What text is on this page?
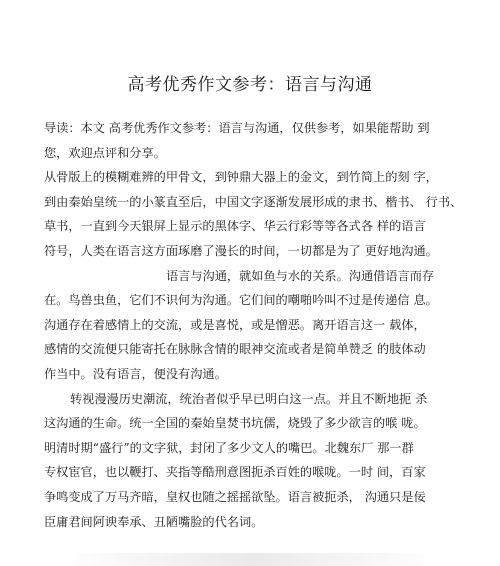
高考优秀作文参考：语言与沟通

导读：本文 高考优秀作文参考：语言与沟通，仅供参考，如果能帮助 到
您，欢迎点评和分享。

从骨版上的模糊难辨的甲骨文，到钟鼎大器上的金文，到竹简上的刻 字，
到由秦始皇统一的小篆直至后，中国文字逐渐发展形成的隶书、楷书、 行书、
草书，一直到今天银屏上显示的黑体字、华云行彩等等各式各 样的语言
符号，人类在语言这方面琢磨了漫长的时间，一切都是为了 更好地沟通。

语言与沟通，就如鱼与水的关系。沟通借语言而存
在。鸟兽虫鱼，它们不识何为沟通。它们间的嘲啪吟叫不过是传递信 息。
沟通存在着感情上的交流，或是喜悦，或是憎恶。离开语言这一 载体，
感情的交流便只能寄托在脉脉含情的眼神交流或者是简单赞乏 的肢体动
作当中。没有语言，便没有沟通。

转视漫漫历史潮流，统治者似乎早已明白这一点。并且不断地扼 杀
这沟通的生命。统一全国的秦始皇焚书坑儒，烧毁了多少欲言的喉 咙。
明清时期“盛行”的文字狱，封闭了多少文人的嘴巴。北魏东厂 那一群
专权宦官，也以鞭打、夹指等酷刑意图扼杀百姓的喉咙。一时 间，百家
争鸣变成了万马齐暗，皇权也随之摇摇欲坠。语言被扼杀， 沟通只是佞
臣庸君间阿谀奉承、丑陋嘴脸的代名词。
